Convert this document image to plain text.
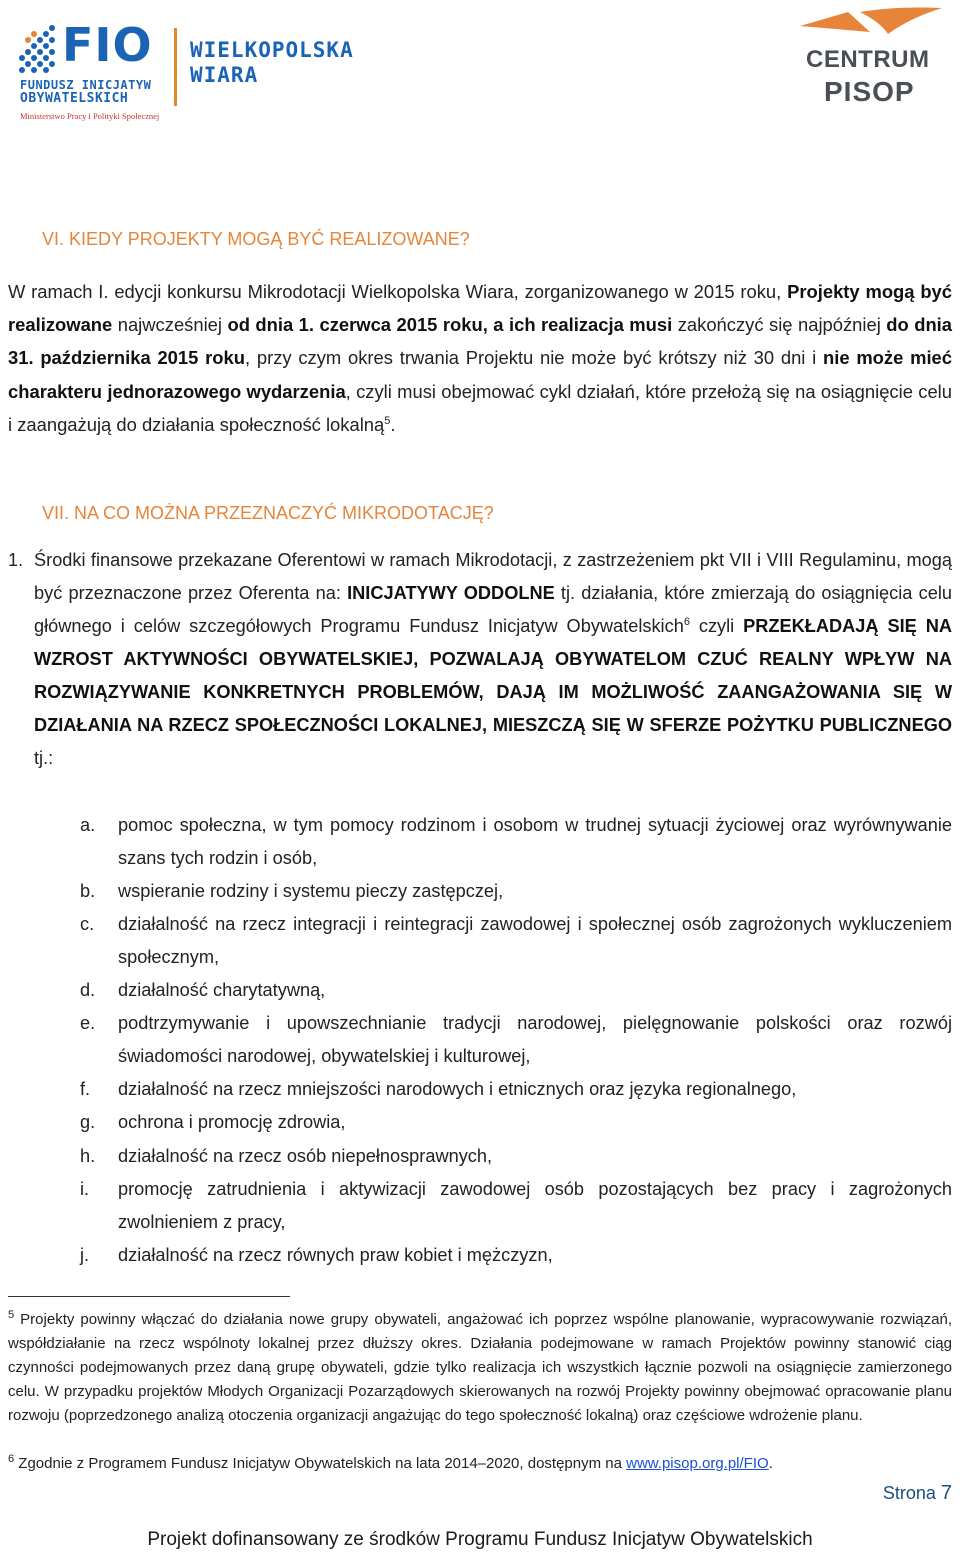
FIO
FUNDUSZ INICJATYW
OBYWATELSKICH
Ministerstwo Pracy i Polityki Społecznej
WIELKOPOLSKA
WIARA
CENTRUM
PISOP
VI. KIEDY PROJEKTY MOGĄ BYĆ REALIZOWANE?
W ramach I. edycji konkursu Mikrodotacji Wielkopolska Wiara, zorganizowanego w 2015 roku, Projekty mogą być realizowane najwcześniej od dnia 1. czerwca 2015 roku, a ich realizacja musi zakończyć się najpóźniej do dnia 31. października 2015 roku, przy czym okres trwania Projektu nie może być krótszy niż 30 dni i nie może mieć charakteru jednorazowego wydarzenia, czyli musi obejmować cykl działań, które przełożą się na osiągnięcie celu i zaangażują do działania społeczność lokalną$^5$.
VII. NA CO MOŻNA PRZEZNACZYĆ MIKRODOTACJĘ?
1. Środki finansowe przekazane Oferentowi w ramach Mikrodotacji, z zastrzeżeniem pkt VII i VIII Regulaminu, mogą być przeznaczone przez Oferenta na: INICJATYWY ODDOLNE tj. działania, które zmierzają do osiągnięcia celu głównego i celów szczegółowych Programu Fundusz Inicjatyw Obywatelskich$^6$ czyli PRZEKŁADAJĄ SIĘ NA WZROST AKTYWNOŚCI OBYWATELSKIEJ, POZWALAJĄ OBYWATELOM CZUĆ REALNY WPŁYW NA ROZWIĄZYWANIE KONKRETNYCH PROBLEMÓW, DAJĄ IM MOŻLIWOŚĆ ZAANGAŻOWANIA SIĘ W DZIAŁANIA NA RZECZ SPOŁECZNOŚCI LOKALNEJ, MIESZCZĄ SIĘ W SFERZE POŻYTKU PUBLICZNEGO tj.:
a. pomoc społeczna, w tym pomocy rodzinom i osobom w trudnej sytuacji życiowej oraz wyrównywanie szans tych rodzin i osób,
b. wspieranie rodziny i systemu pieczy zastępczej,
c. działalność na rzecz integracji i reintegracji zawodowej i społecznej osób zagrożonych wykluczeniem społecznym,
d. działalność charytatywną,
e. podtrzymywanie i upowszechnianie tradycji narodowej, pielęgnowanie polskości oraz rozwój świadomości narodowej, obywatelskiej i kulturowej,
f. działalność na rzecz mniejszości narodowych i etnicznych oraz języka regionalnego,
g. ochrona i promocję zdrowia,
h. działalność na rzecz osób niepełnosprawnych,
i. promocję zatrudnienia i aktywizacji zawodowej osób pozostających bez pracy i zagrożonych zwolnieniem z pracy,
j. działalność na rzecz równych praw kobiet i mężczyzn,
$^5$ Projekty powinny włączać do działania nowe grupy obywateli, angażować ich poprzez wspólne planowanie, wypracowywanie rozwiązań, współdziałanie na rzecz wspólnoty lokalnej przez dłuższy okres. Działania podejmowane w ramach Projektów powinny stanowić ciąg czynności podejmowanych przez daną grupę obywateli, gdzie tylko realizacja ich wszystkich łącznie pozwoli na osiągnięcie zamierzonego celu. W przypadku projektów Młodych Organizacji Pozarządowych skierowanych na rozwój Projekty powinny obejmować opracowanie planu rozwoju (poprzedzonego analizą otoczenia organizacji angażując do tego społeczność lokalną) oraz częściowe wdrożenie planu.
$^6$ Zgodnie z Programem Fundusz Inicjatyw Obywatelskich na lata 2014–2020, dostępnym na www.pisop.org.pl/FIO.
Strona 7
Projekt dofinansowany ze środków Programu Fundusz Inicjatyw Obywatelskich
